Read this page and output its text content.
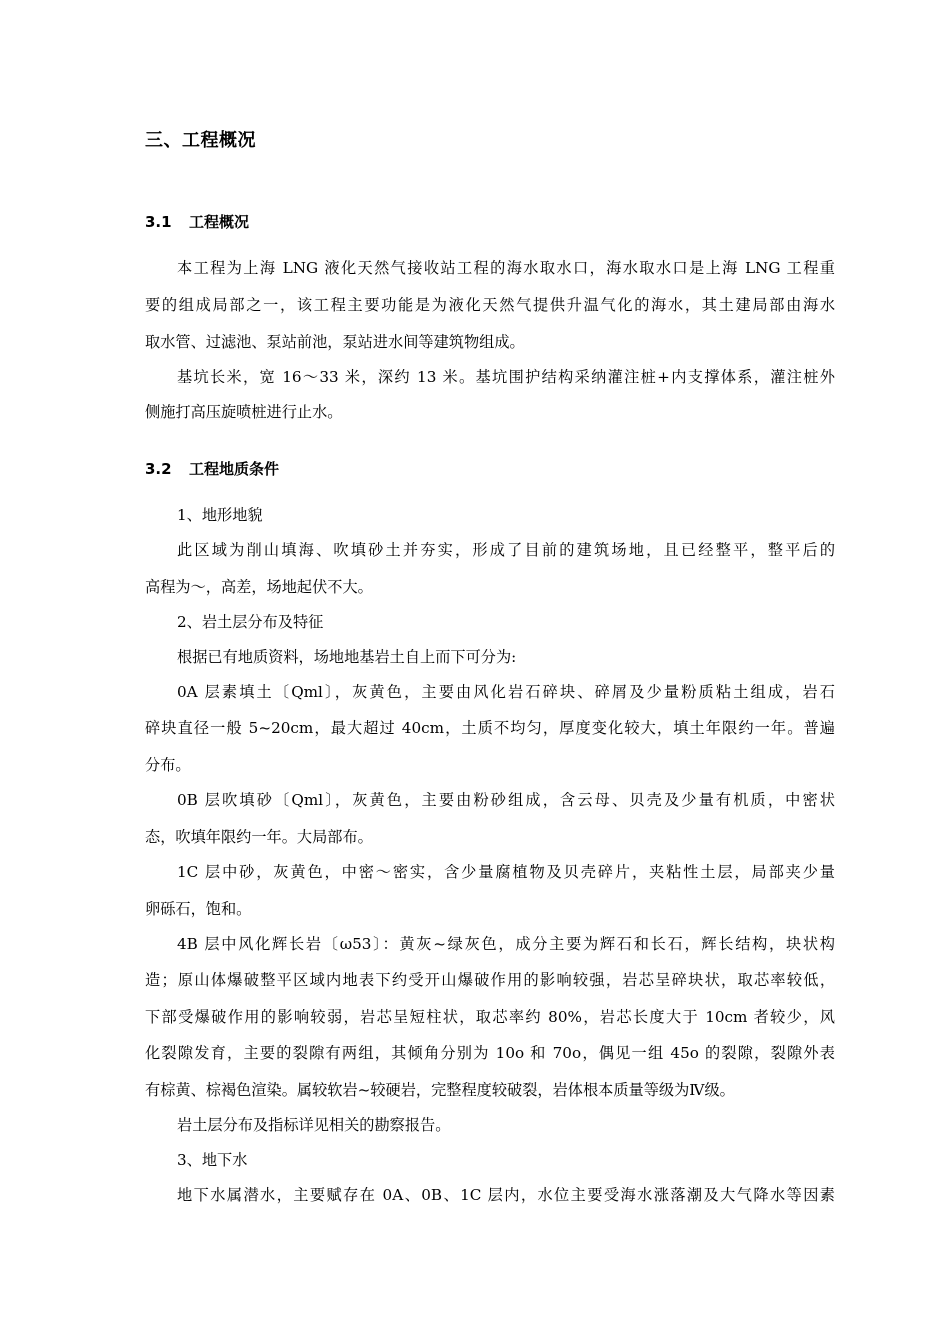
三、工程概况
3.1 工程概况
本工程为上海 LNG 液化天然气接收站工程的海水取水口，海水取水口是上海 LNG 工程重
要的组成局部之一，该工程主要功能是为液化天然气提供升温气化的海水，其土建局部由海水
取水管、过滤池、泵站前池，泵站进水间等建筑物组成。
基坑长米，宽 16～33 米，深约 13 米。基坑围护结构采纳灌注桩+内支撑体系，灌注桩外
侧施打高压旋喷桩进行止水。
3.2 工程地质条件
1、地形地貌
此区域为削山填海、吹填砂土并夯实，形成了目前的建筑场地，且已经整平，整平后的
高程为～，高差，场地起伏不大。
2、岩土层分布及特征
根据已有地质资料，场地地基岩土自上而下可分为:
0A 层素填土〔Qml〕，灰黄色，主要由风化岩石碎块、碎屑及少量粉质粘土组成，岩石
碎块直径一般 5~20cm，最大超过 40cm，土质不均匀，厚度变化较大，填土年限约一年。普遍
分布。
0B 层吹填砂〔Qml〕，灰黄色，主要由粉砂组成，含云母、贝壳及少量有机质，中密状
态，吹填年限约一年。大局部布。
1C 层中砂，灰黄色，中密～密实，含少量腐植物及贝壳碎片，夹粘性土层，局部夹少量
卵砾石，饱和。
4B 层中风化辉长岩〔ω53〕：黄灰~绿灰色，成分主要为辉石和长石，辉长结构，块状构
造；原山体爆破整平区域内地表下约受开山爆破作用的影响较强，岩芯呈碎块状，取芯率较低，
下部受爆破作用的影响较弱，岩芯呈短柱状，取芯率约 80%，岩芯长度大于 10cm 者较少，风
化裂隙发育，主要的裂隙有两组，其倾角分别为 10o 和 70o，偶见一组 45o 的裂隙，裂隙外表
有棕黄、棕褐色渲染。属较软岩~较硬岩，完整程度较破裂，岩体根本质量等级为Ⅳ级。
岩土层分布及指标详见相关的勘察报告。
3、地下水
地下水属潜水，主要赋存在 0A、0B、1C 层内，水位主要受海水涨落潮及大气降水等因素
